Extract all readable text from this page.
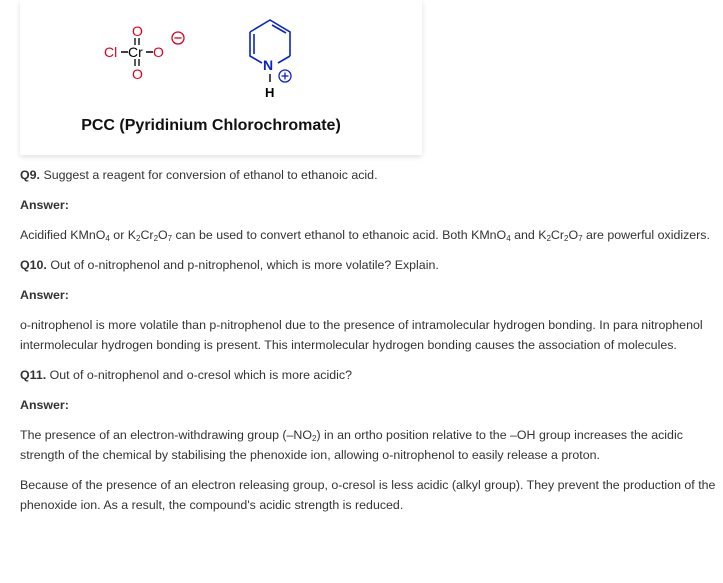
Cl Cr O
O
O
N
H
PCC (Pyridinium Chlorochromate)

Q9. Suggest a reagent for conversion of ethanol to ethanoic acid.

Answer:

Acidified KMnO$_4$ or $K_2Cr_2O_7$ can be used to convert ethanol to ethanoic acid. Both KMnO$_4$ and $K_2Cr_2O_7$ are powerful oxidizers.

Q10. Out of o-nitrophenol and p-nitrophenol, which is more volatile? Explain.

Answer:

o-nitrophenol is more volatile than p-nitrophenol due to the presence of intramolecular hydrogen bonding. In para nitrophenol intermolecular hydrogen bonding is present. This intermolecular hydrogen bonding causes the association of molecules.

Q11. Out of o-nitrophenol and o-cresol which is more acidic?

Answer:

The presence of an electron-withdrawing group $(-NO_2)$ in an ortho position relative to the –OH group increases the acidic strength of the chemical by stabilising the phenoxide ion, allowing o-nitrophenol to easily release a proton.

Because of the presence of an electron releasing group, o-cresol is less acidic (alkyl group). They prevent the production of the phenoxide ion. As a result, the compound's acidic strength is reduced.
